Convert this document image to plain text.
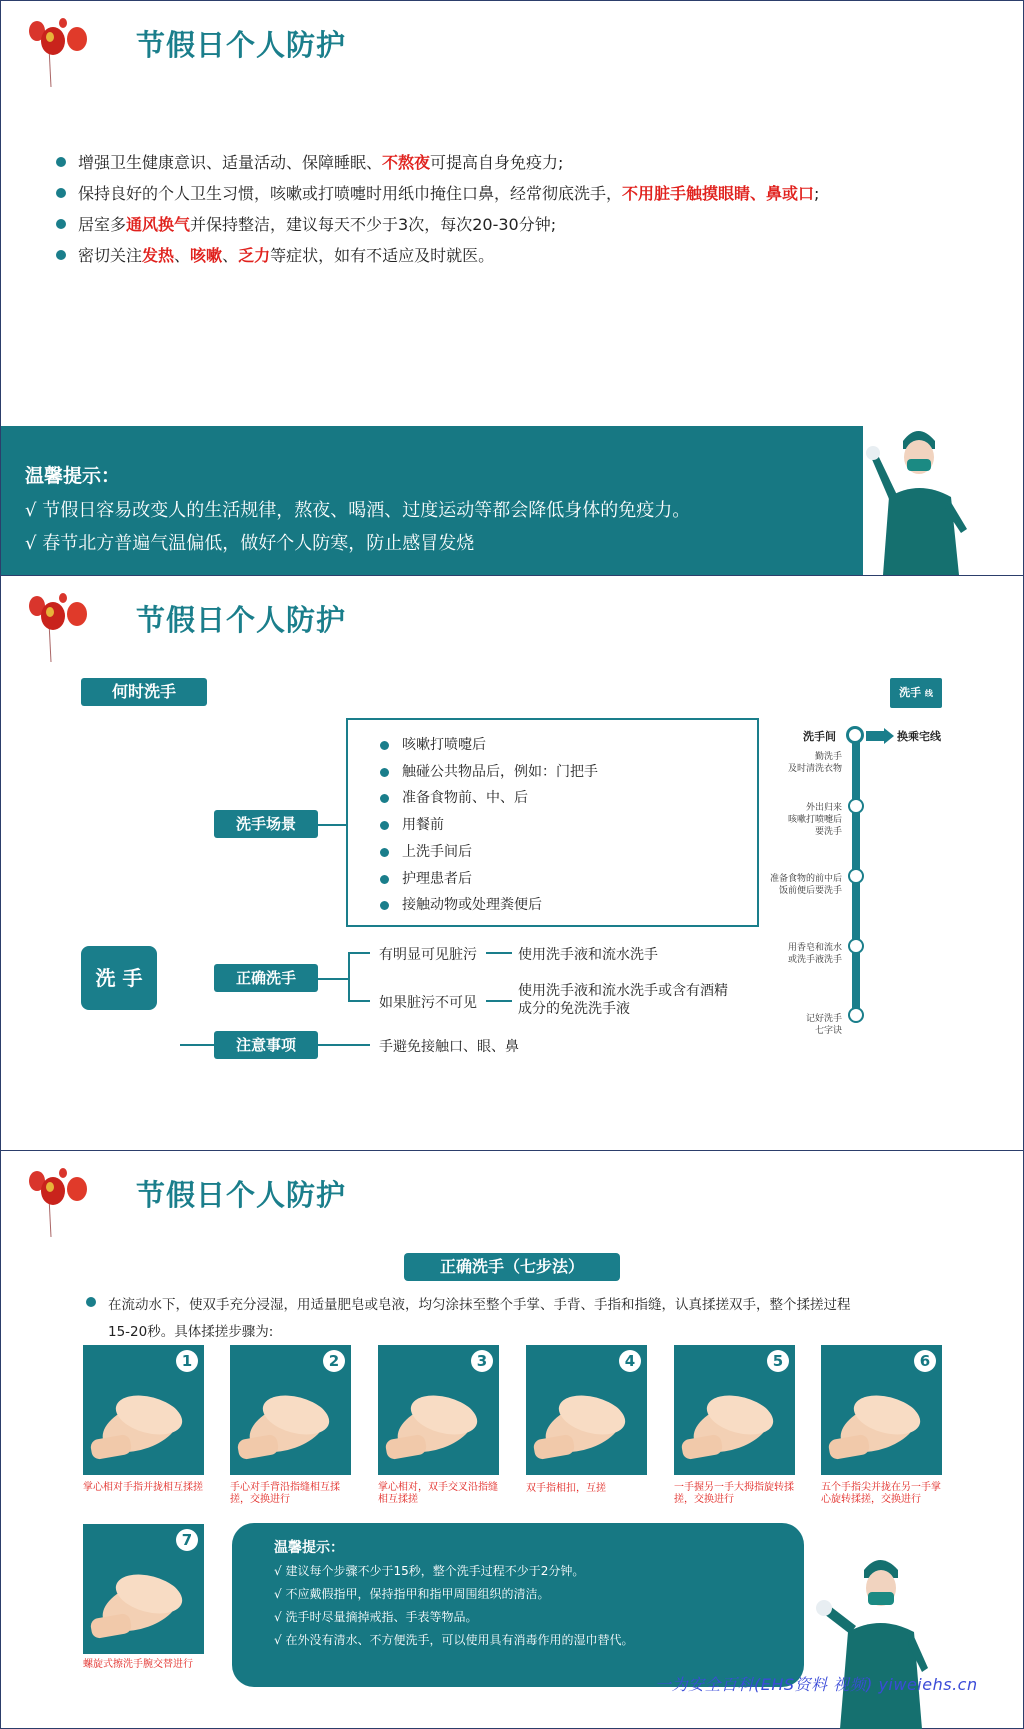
节假日个人防护
增强卫生健康意识、适量活动、保障睡眠、不熬夜可提高自身免疫力;
保持良好的个人卫生习惯，咳嗽或打喷嚏时用纸巾掩住口鼻，经常彻底洗手，不用脏手触摸眼睛、鼻或口;
居室多通风换气并保持整洁，建议每天不少于3次，每次20-30分钟;
密切关注发热、咳嗽、乏力等症状，如有不适应及时就医。
温馨提示：
√ 节假日容易改变人的生活规律，熬夜、喝酒、过度运动等都会降低身体的免疫力。
√ 春节北方普遍气温偏低，做好个人防寒，防止感冒发烧
节假日个人防护
何时洗手
咳嗽打喷嚏后
触碰公共物品后，例如：门把手
准备食物前、中、后
用餐前
上洗手间后
护理患者后
接触动物或处理粪便后
洗 手
洗手场景
正确洗手
注意事项
有明显可见脏污	使用洗手液和流水洗手
如果脏污不可见
使用洗手液和流水洗手或含有酒精
成分的免洗洗手液
手避免接触口、眼、鼻
洗手 线
洗手间	换乘宅线
勤洗手
及时清洗衣物
外出归来
咳嗽打喷嚏后
要洗手
准备食物的前中后
饭前便后要洗手
用香皂和流水
或洗手液洗手
记好洗手
七字诀
节假日个人防护
正确洗手（七步法）
在流动水下，使双手充分浸湿，用适量肥皂或皂液，均匀涂抹至整个手掌、手背、手指和指缝，认真揉搓双手，整个揉搓过程
15-20秒。具体揉搓步骤为:
1
掌心相对手指并拢相互揉搓
2
手心对手背沿指缝相互揉搓，交换进行
3
掌心相对，双手交叉沿指缝相互揉搓
4
双手指相扣，互搓
5
一手握另一手大拇指旋转揉搓，交换进行
6
五个手指尖并拢在另一手掌心旋转揉搓，交换进行
7
螺旋式擦洗手腕交替进行
温馨提示：
√ 建议每个步骤不少于15秒，整个洗手过程不少于2分钟。
√ 不应戴假指甲，保持指甲和指甲周围组织的清洁。
√ 洗手时尽量摘掉戒指、手表等物品。
√ 在外没有清水、不方便洗手，可以使用具有消毒作用的湿巾替代。
一为安全百科(EHS资料 视频) yiweiehs.cn
